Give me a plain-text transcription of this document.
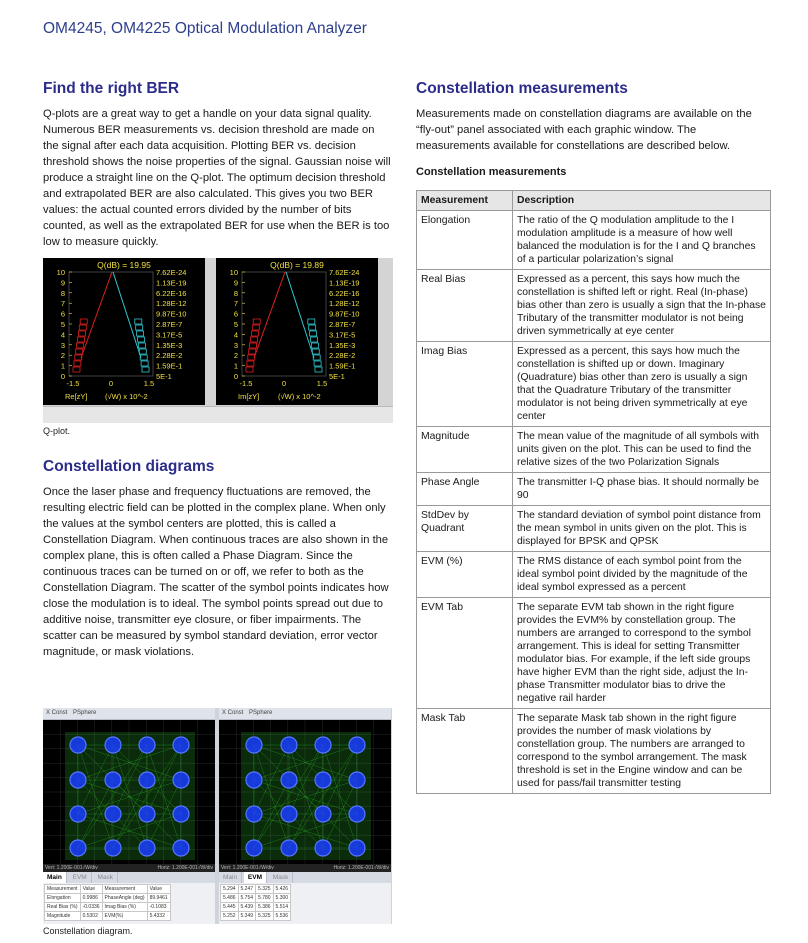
OM4245, OM4225 Optical Modulation Analyzer
Find the right BER

Q-plots are a great way to get a handle on your data signal quality. Numerous BER measurements vs. decision threshold are made on the signal after each data acquisition. Plotting BER vs. decision threshold shows the noise properties of the signal. Gaussian noise will produce a straight line on the Q-plot. The optimum decision threshold and extrapolated BER are also calculated. This gives you two BER values: the actual counted errors divided by the number of bits counted, as well as the extrapolated BER for use when the BER is too low to measure quickly.

Q(dB) = 19.95
10	7.62E-24
9	1.13E-19
8	6.22E-16
7	1.28E-12
6	9.87E-10
5	2.87E-7
4	3.17E-5
3	1.35E-3
2	2.28E-2
1	1.59E-1
0	5E-1
-1.5	0	1.5
Re[zY] (√W) x 10^-2
Q(dB) = 19.89
10	7.62E-24
9	1.13E-19
8	6.22E-16
7	1.28E-12
6	9.87E-10
5	2.87E-7
4	3.17E-5
3	1.35E-3
2	2.28E-2
1	1.59E-1
0	5E-1
-1.5	0	1.5
Im[zY] (√W) x 10^-2
Q-plot.
Constellation diagrams

Once the laser phase and frequency fluctuations are removed, the resulting electric field can be plotted in the complex plane. When only the values at the symbol centers are plotted, this is called a Constellation Diagram. When continuous traces are also shown in the complex plane, this is often called a Phase Diagram. Since the continuous traces can be turned on or off, we refer to both as the Constellation Diagram. The scatter of the symbol points indicates how close the modulation is to ideal. The symbol points spread out due to additive noise, transmitter eye closure, or fiber impairments. The scatter can be measured by symbol standard deviation, error vector magnitude, or mask violations.

X Const PSphere
Vert: 1.200E-001√W/div	Horiz: 1.200E-001√W/div
Main EVM Mask
Measurement	Value	Measurement	Value
Elongation	0.9986	PhaseAngle (deg)	89.9461
Real Bias (%)	-0.0336	Imag Bias (%)	-0.1083
Magnitude	0.5302	EVM(%)	5.4332
X Const PSphere
Vert: 1.200E-001√W/div	Horiz: 1.200E-001√W/div
Main EVM Mask
5.294	5.247	5.325	5.426
5.486	5.754	5.780	5.300
5.445	5.439	5.386	5.514
5.252	5.349	5.325	5.536
Constellation diagram.
Constellation measurements

Measurements made on constellation diagrams are available on the “fly-out” panel associated with each graphic window. The measurements available for constellations are described below.

Constellation measurements
Measurement	Description
Elongation	The ratio of the Q modulation amplitude to the I modulation amplitude is a measure of how well balanced the modulation is for the I and Q branches of a particular polarization’s signal
Real Bias	Expressed as a percent, this says how much the constellation is shifted left or right. Real (In-phase) bias other than zero is usually a sign that the In-phase Tributary of the transmitter modulator is not being driven symmetrically at eye center
Imag Bias	Expressed as a percent, this says how much the constellation is shifted up or down. Imaginary (Quadrature) bias other than zero is usually a sign that the Quadrature Tributary of the transmitter modulator is not being driven symmetrically at eye center
Magnitude	The mean value of the magnitude of all symbols with units given on the plot. This can be used to find the relative sizes of the two Polarization Signals
Phase Angle	The transmitter I-Q phase bias. It should normally be 90
StdDev by Quadrant	The standard deviation of symbol point distance from the mean symbol in units given on the plot. This is displayed for BPSK and QPSK
EVM (%)	The RMS distance of each symbol point from the ideal symbol point divided by the magnitude of the ideal symbol expressed as a percent
EVM Tab	The separate EVM tab shown in the right figure provides the EVM% by constellation group. The numbers are arranged to correspond to the symbol arrangement. This is ideal for setting Transmitter modulator bias. For example, if the left side groups have higher EVM than the right side, adjust the In-phase Transmitter modulator bias to drive the negative rail harder
Mask Tab	The separate Mask tab shown in the right figure provides the number of mask violations by constellation group. The numbers are arranged to correspond to the symbol arrangement. The mask threshold is set in the Engine window and can be used for pass/fail transmitter testing
